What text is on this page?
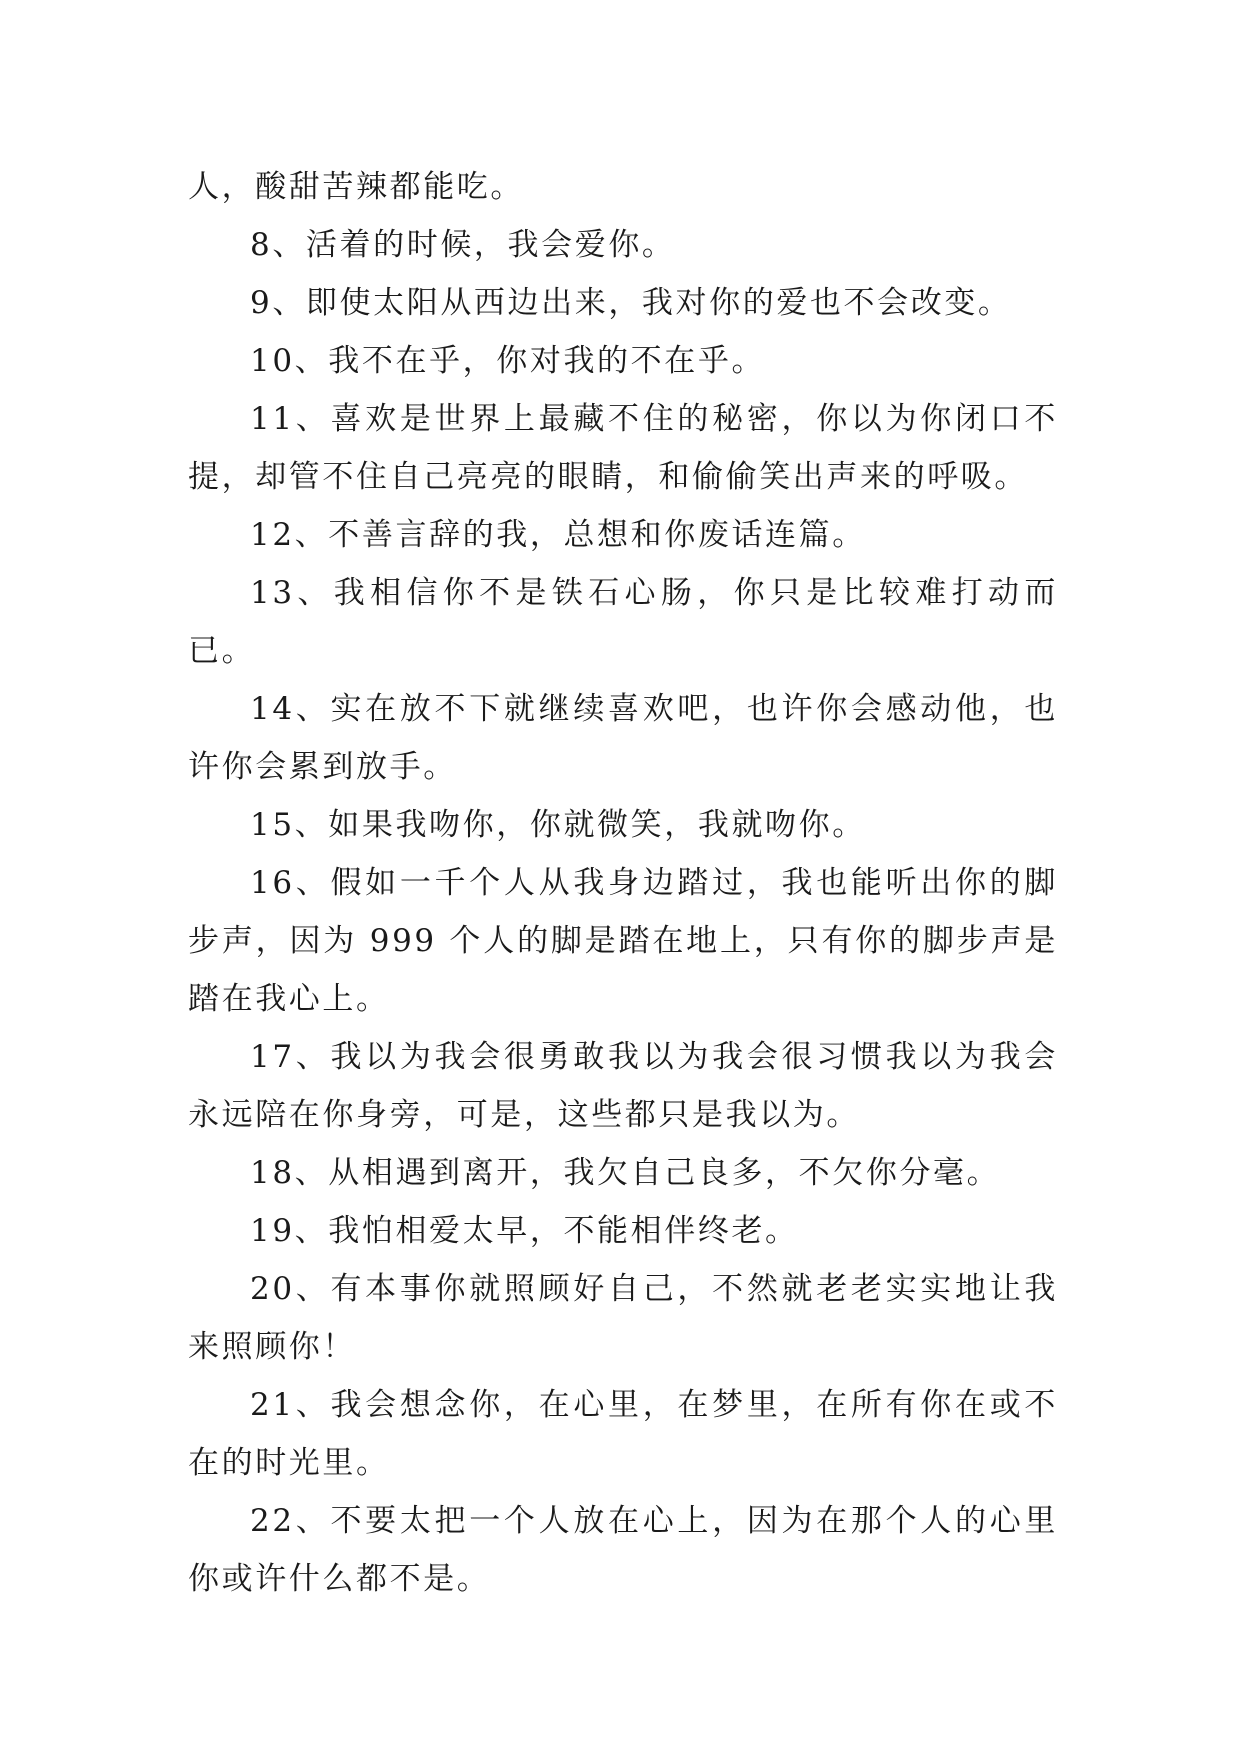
人，酸甜苦辣都能吃。

8、活着的时候，我会爱你。

9、即使太阳从西边出来，我对你的爱也不会改变。

10、我不在乎，你对我的不在乎。

11、喜欢是世界上最藏不住的秘密，你以为你闭口不提，却管不住自己亮亮的眼睛，和偷偷笑出声来的呼吸。

12、不善言辞的我，总想和你废话连篇。

13、我相信你不是铁石心肠，你只是比较难打动而已。

14、实在放不下就继续喜欢吧，也许你会感动他，也许你会累到放手。

15、如果我吻你，你就微笑，我就吻你。

16、假如一千个人从我身边踏过，我也能听出你的脚步声，因为 999 个人的脚是踏在地上，只有你的脚步声是踏在我心上。

17、我以为我会很勇敢我以为我会很习惯我以为我会永远陪在你身旁，可是，这些都只是我以为。

18、从相遇到离开，我欠自己良多，不欠你分毫。

19、我怕相爱太早，不能相伴终老。

20、有本事你就照顾好自己，不然就老老实实地让我来照顾你！

21、我会想念你，在心里，在梦里，在所有你在或不在的时光里。

22、不要太把一个人放在心上，因为在那个人的心里你或许什么都不是。
